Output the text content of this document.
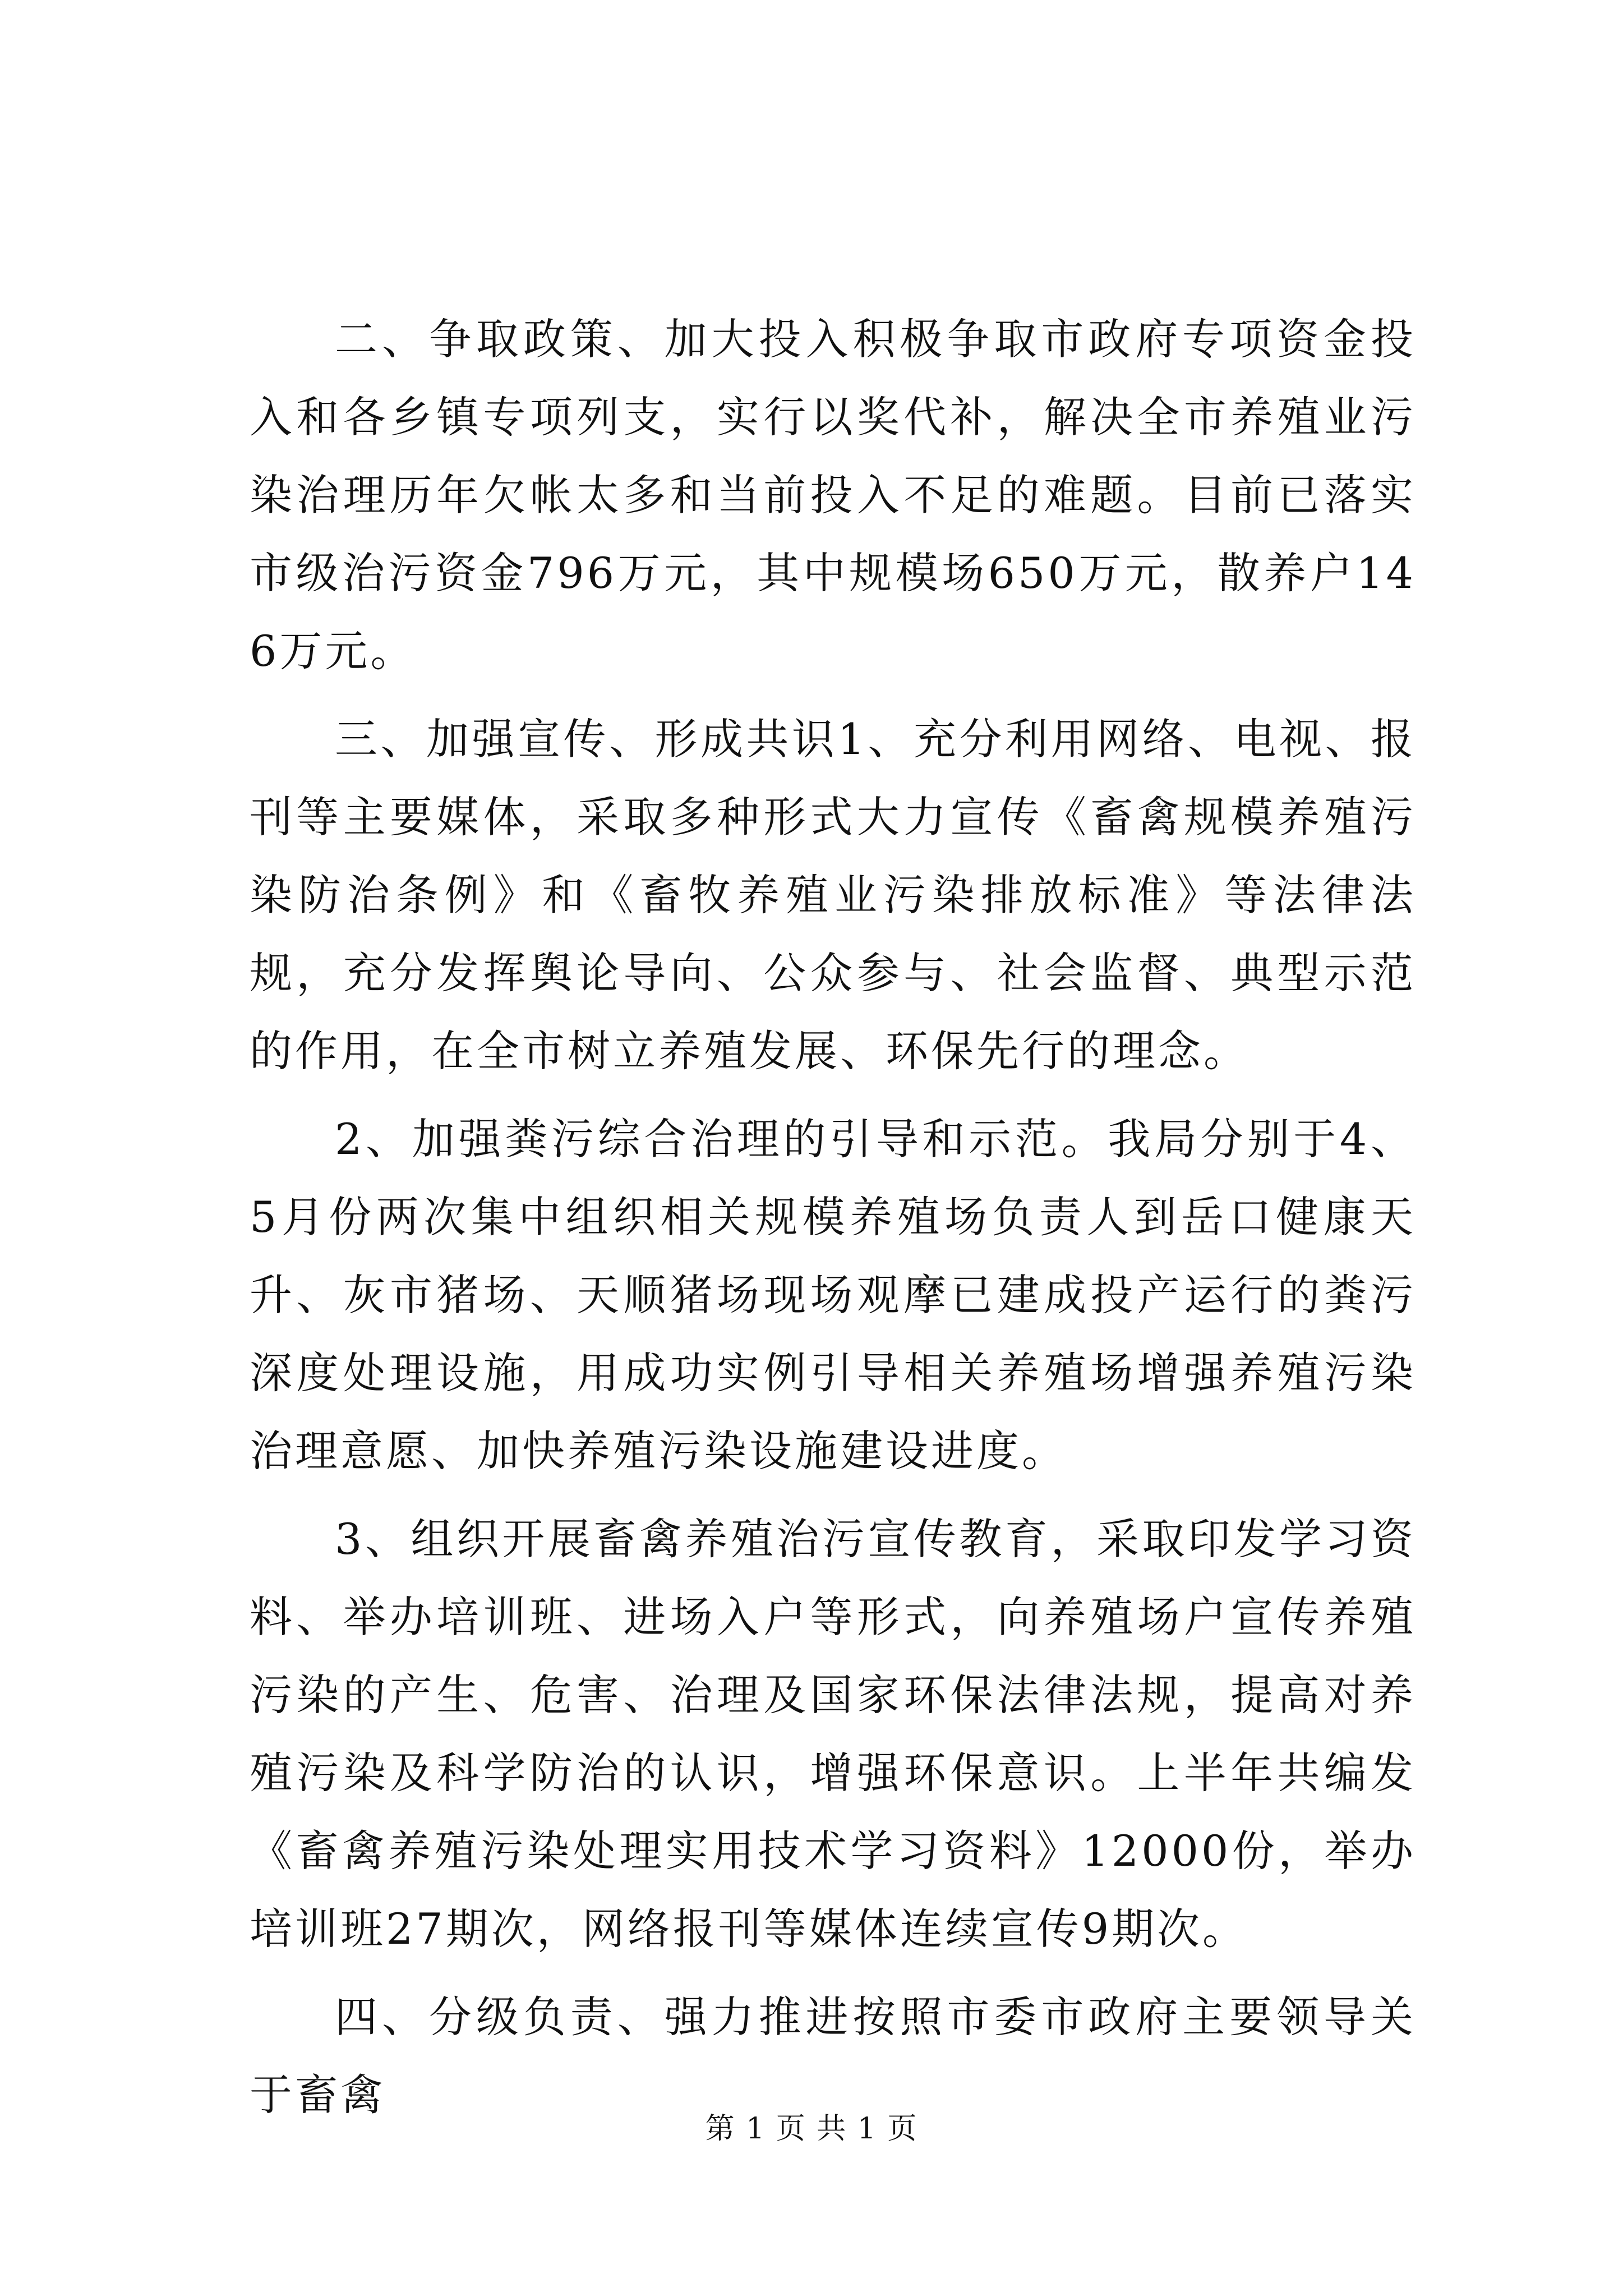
二、争取政策、加大投入积极争取市政府专项资金投入和各乡镇专项列支，实行以奖代补，解决全市养殖业污染治理历年欠帐太多和当前投入不足的难题。目前已落实市级治污资金796万元，其中规模场650万元，散养户146万元。

三、加强宣传、形成共识1、充分利用网络、电视、报刊等主要媒体，采取多种形式大力宣传《畜禽规模养殖污染防治条例》和《畜牧养殖业污染排放标准》等法律法规，充分发挥舆论导向、公众参与、社会监督、典型示范的作用，在全市树立养殖发展、环保先行的理念。

2、加强粪污综合治理的引导和示范。我局分别于4、5月份两次集中组织相关规模养殖场负责人到岳口健康天升、灰市猪场、天顺猪场现场观摩已建成投产运行的粪污深度处理设施，用成功实例引导相关养殖场增强养殖污染治理意愿、加快养殖污染设施建设进度。

3、组织开展畜禽养殖治污宣传教育，采取印发学习资料、举办培训班、进场入户等形式，向养殖场户宣传养殖污染的产生、危害、治理及国家环保法律法规，提高对养殖污染及科学防治的认识，增强环保意识。上半年共编发《畜禽养殖污染处理实用技术学习资料》12000份，举办培训班27期次，网络报刊等媒体连续宣传9期次。

四、分级负责、强力推进按照市委市政府主要领导关于畜禽

第 1 页 共 1 页
